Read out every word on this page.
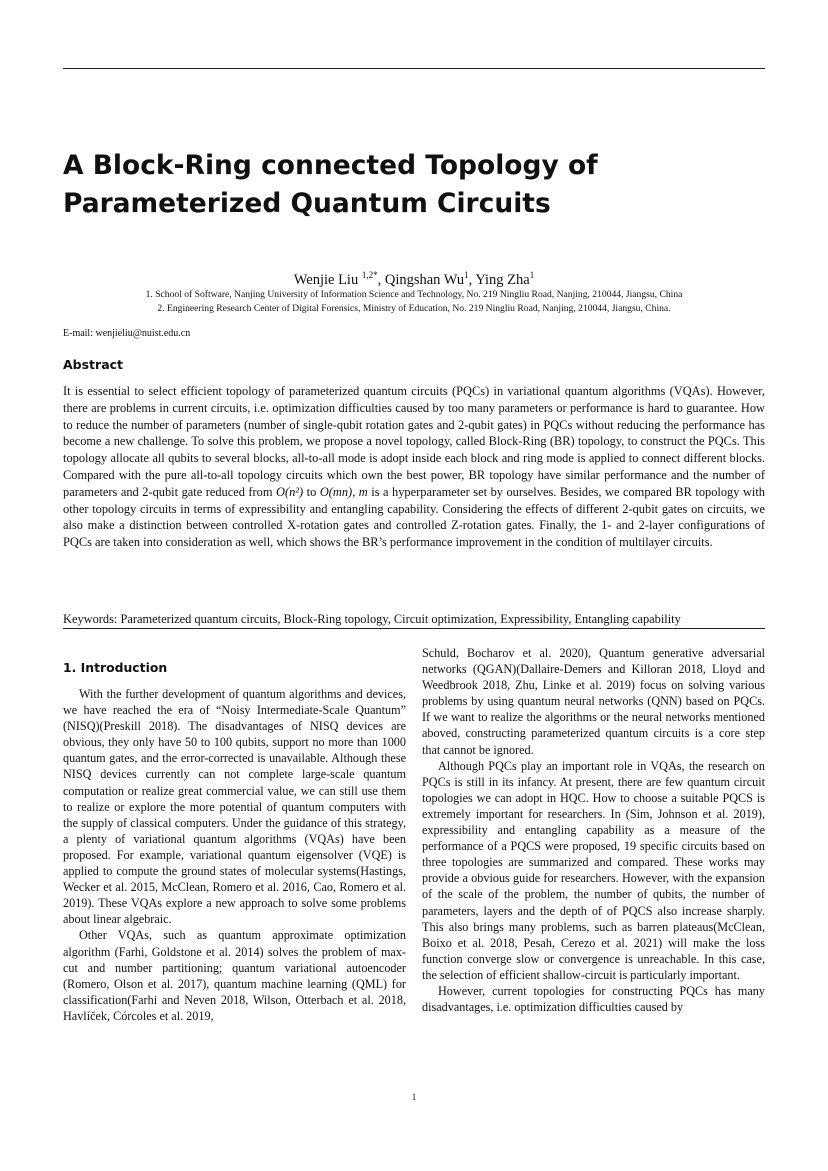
A Block-Ring connected Topology of
Parameterized Quantum Circuits
Wenjie Liu $^{1,2*}$, Qingshan Wu$^1$, Ying Zha$^1$
1. School of Software, Nanjing University of Information Science and Technology, No. 219 Ningliu Road, Nanjing, 210044, Jiangsu, China
2. Engineering Research Center of Digital Forensics, Ministry of Education, No. 219 Ningliu Road, Nanjing, 210044, Jiangsu, China.
E-mail: wenjieliu@nuist.edu.cn
Abstract

It is essential to select efficient topology of parameterized quantum circuits (PQCs) in variational quantum algorithms (VQAs). However, there are problems in current circuits, i.e. optimization difficulties caused by too many parameters or performance is hard to guarantee. How to reduce the number of parameters (number of single-qubit rotation gates and 2-qubit gates) in PQCs without reducing the performance has become a new challenge. To solve this problem, we propose a novel topology, called Block-Ring (BR) topology, to construct the PQCs. This topology allocate all qubits to several blocks, all-to-all mode is adopt inside each block and ring mode is applied to connect different blocks. Compared with the pure all-to-all topology circuits which own the best power, BR topology have similar performance and the number of parameters and 2-qubit gate reduced from O(n²) to O(mn), m is a hyperparameter set by ourselves. Besides, we compared BR topology with other topology circuits in terms of expressibility and entangling capability. Considering the effects of different 2-qubit gates on circuits, we also make a distinction between controlled X-rotation gates and controlled Z-rotation gates. Finally, the 1- and 2-layer configurations of PQCs are taken into consideration as well, which shows the BR’s performance improvement in the condition of multilayer circuits.

Keywords: Parameterized quantum circuits, Block-Ring topology, Circuit optimization, Expressibility, Entangling capability

1. Introduction

With the further development of quantum algorithms and devices, we have reached the era of “Noisy Intermediate-Scale Quantum” (NISQ)(Preskill 2018). The disadvantages of NISQ devices are obvious, they only have 50 to 100 qubits, support no more than 1000 quantum gates, and the error-corrected is unavailable. Although these NISQ devices currently can not complete large-scale quantum computation or realize great commercial value, we can still use them to realize or explore the more potential of quantum computers with the supply of classical computers. Under the guidance of this strategy, a plenty of variational quantum algorithms (VQAs) have been proposed. For example, variational quantum eigensolver (VQE) is applied to compute the ground states of molecular systems(Hastings, Wecker et al. 2015, McClean, Romero et al. 2016, Cao, Romero et al. 2019). These VQAs explore a new approach to solve some problems about linear algebraic.

Other VQAs, such as quantum approximate optimization algorithm (Farhi, Goldstone et al. 2014) solves the problem of max-cut and number partitioning; quantum variational autoencoder (Romero, Olson et al. 2017), quantum machine learning (QML) for classification(Farhi and Neven 2018, Wilson, Otterbach et al. 2018, Havlíček, Córcoles et al. 2019,

Schuld, Bocharov et al. 2020), Quantum generative adversarial networks (QGAN)(Dallaire-Demers and Killoran 2018, Lloyd and Weedbrook 2018, Zhu, Linke et al. 2019) focus on solving various problems by using quantum neural networks (QNN) based on PQCs. If we want to realize the algorithms or the neural networks mentioned aboved, constructing parameterized quantum circuits is a core step that cannot be ignored.

Although PQCs play an important role in VQAs, the research on PQCs is still in its infancy. At present, there are few quantum circuit topologies we can adopt in HQC. How to choose a suitable PQCS is extremely important for researchers. In (Sim, Johnson et al. 2019), expressibility and entangling capability as a measure of the performance of a PQCS were proposed, 19 specific circuits based on three topologies are summarized and compared. These works may provide a obvious guide for researchers. However, with the expansion of the scale of the problem, the number of qubits, the number of parameters, layers and the depth of of PQCS also increase sharply. This also brings many problems, such as barren plateaus(McClean, Boixo et al. 2018, Pesah, Cerezo et al. 2021) will make the loss function converge slow or convergence is unreachable. In this case, the selection of efficient shallow-circuit is particularly important.

However, current topologies for constructing PQCs has many disadvantages, i.e. optimization difficulties caused by

1
